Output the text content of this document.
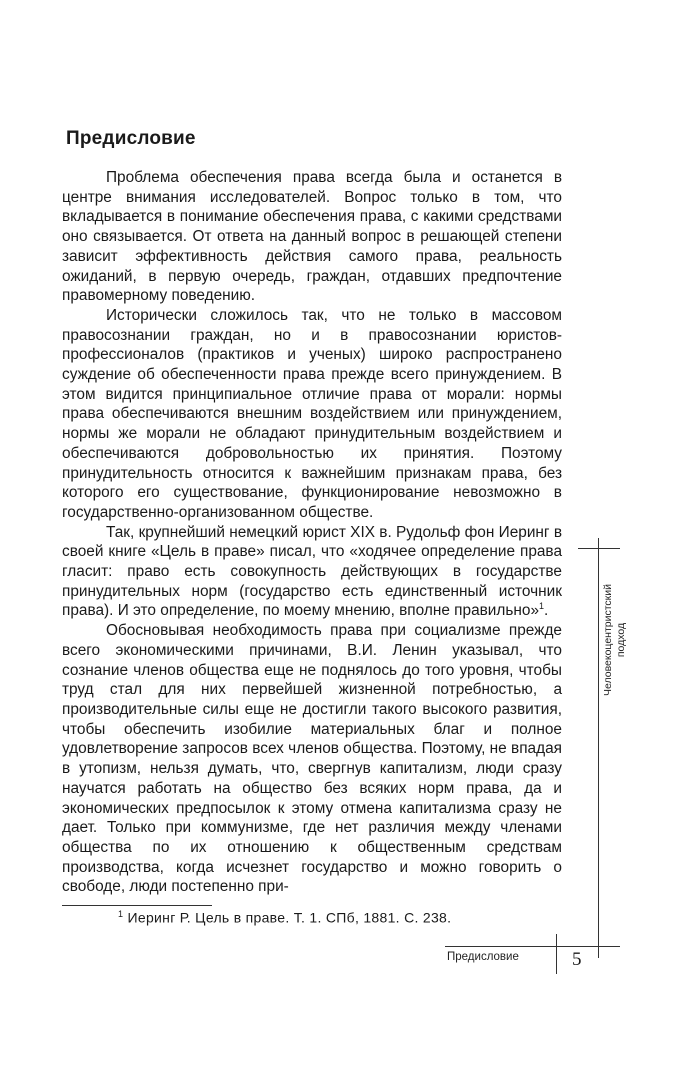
Предисловие

Проблема обеспечения права всегда была и останется в центре внимания исследователей. Вопрос только в том, что вкладывается в понимание обеспечения права, с какими средствами оно связывается. От ответа на данный вопрос в решающей степени зависит эффективность действия самого права, реальность ожиданий, в первую очередь, граждан, отдавших предпочтение правомерному поведению.

Исторически сложилось так, что не только в массовом правосознании граждан, но и в правосознании юристов-профессионалов (практиков и ученых) широко распространено суждение об обеспеченности права прежде всего принуждением. В этом видится принципиальное отличие права от морали: нормы права обеспечиваются внешним воздействием или принуждением, нормы же морали не обладают принудительным воздействием и обеспечиваются добровольностью их принятия. Поэтому принудительность относится к важнейшим признакам права, без которого его существование, функционирование невозможно в государственно-организованном обществе.

Так, крупнейший немецкий юрист XIX в. Рудольф фон Иеринг в своей книге «Цель в праве» писал, что «ходячее определение права гласит: право есть совокупность действующих в государстве принудительных норм (государство есть единственный источник права). И это определение, по моему мнению, вполне правильно»$^1$.

Обосновывая необходимость права при социализме прежде всего экономическими причинами, В.И. Ленин указывал, что сознание членов общества еще не поднялось до того уровня, чтобы труд стал для них первейшей жизненной потребностью, а производительные силы еще не достигли такого высокого развития, чтобы обеспечить изобилие материальных благ и полное удовлетворение запросов всех членов общества. Поэтому, не впадая в утопизм, нельзя думать, что, свергнув капитализм, люди сразу научатся работать на общество без всяких норм права, да и экономических предпосылок к этому отмена капитализма сразу не дает. Только при коммунизме, где нет различия между членами общества по их отношению к общественным средствам производства, когда исчезнет государство и можно говорить о свободе, люди постепенно при-

$^1$ Иеринг Р. Цель в праве. Т. 1. СПб, 1881. С. 238.
Человекоцентристский подход
Предисловие	5
